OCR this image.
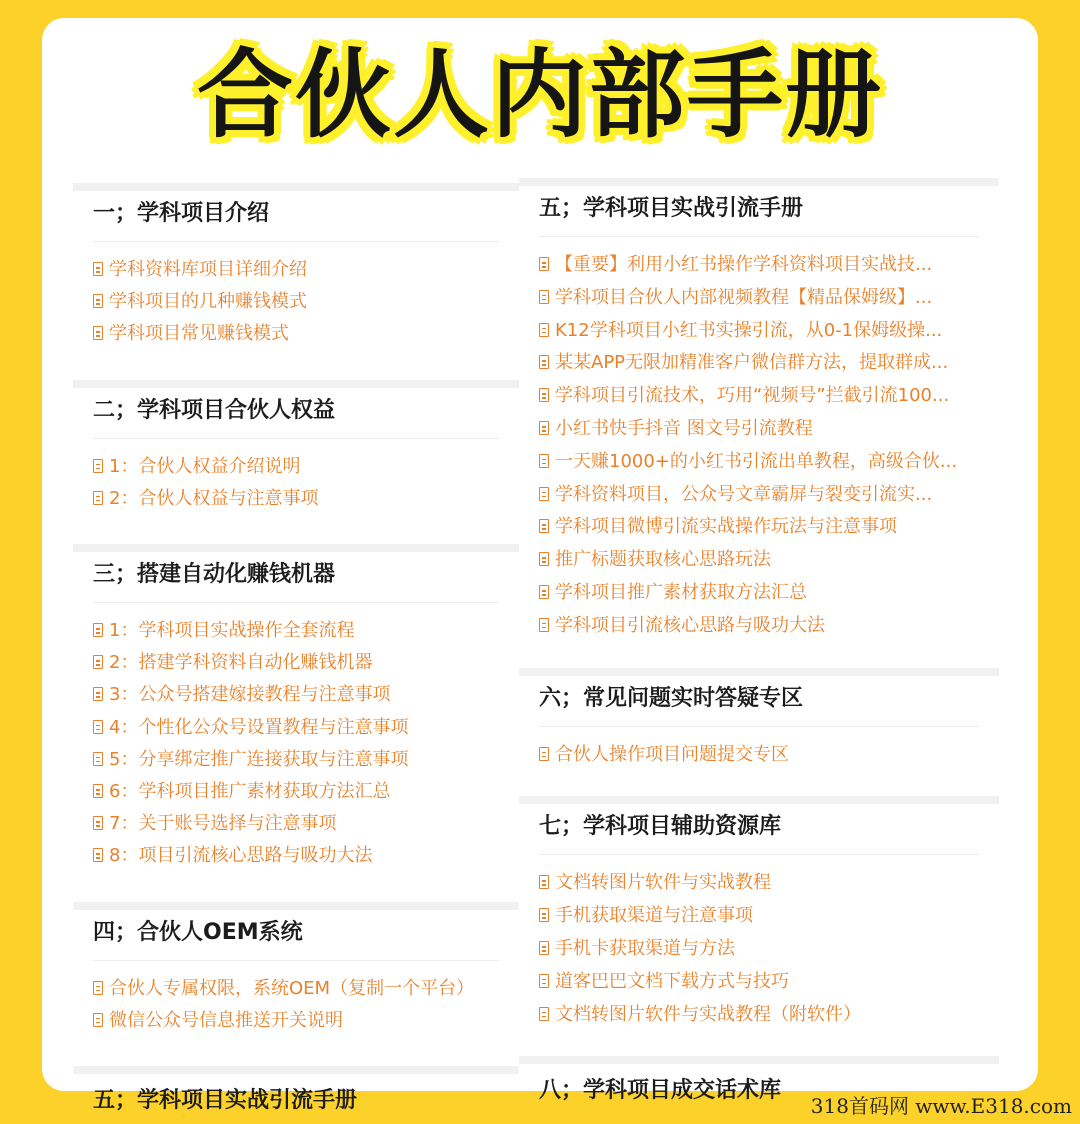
合伙人内部手册
一；学科项目介绍
学科资料库项目详细介绍
学科项目的几种赚钱模式
学科项目常见赚钱模式
二；学科项目合伙人权益
1：合伙人权益介绍说明
2：合伙人权益与注意事项
三；搭建自动化赚钱机器
1：学科项目实战操作全套流程
2：搭建学科资料自动化赚钱机器
3：公众号搭建嫁接教程与注意事项
4：个性化公众号设置教程与注意事项
5：分享绑定推广连接获取与注意事项
6：学科项目推广素材获取方法汇总
7：关于账号选择与注意事项
8：项目引流核心思路与吸功大法
四；合伙人OEM系统
合伙人专属权限，系统OEM（复制一个平台）
微信公众号信息推送开关说明
五；学科项目实战引流手册
五；学科项目实战引流手册
【重要】利用小红书操作学科资料项目实战技...
学科项目合伙人内部视频教程【精品保姆级】...
K12学科项目小红书实操引流，从0-1保姆级操...
某某APP无限加精准客户微信群方法，提取群成...
学科项目引流技术，巧用“视频号”拦截引流100...
小红书快手抖音 图文号引流教程
一天赚1000+的小红书引流出单教程，高级合伙...
学科资料项目，公众号文章霸屏与裂变引流实...
学科项目微博引流实战操作玩法与注意事项
推广标题获取核心思路玩法
学科项目推广素材获取方法汇总
学科项目引流核心思路与吸功大法
六；常见问题实时答疑专区
合伙人操作项目问题提交专区
七；学科项目辅助资源库
文档转图片软件与实战教程
手机获取渠道与注意事项
手机卡获取渠道与方法
道客巴巴文档下载方式与技巧
文档转图片软件与实战教程（附软件）
八；学科项目成交话术库
318首码网 www.E318.com
